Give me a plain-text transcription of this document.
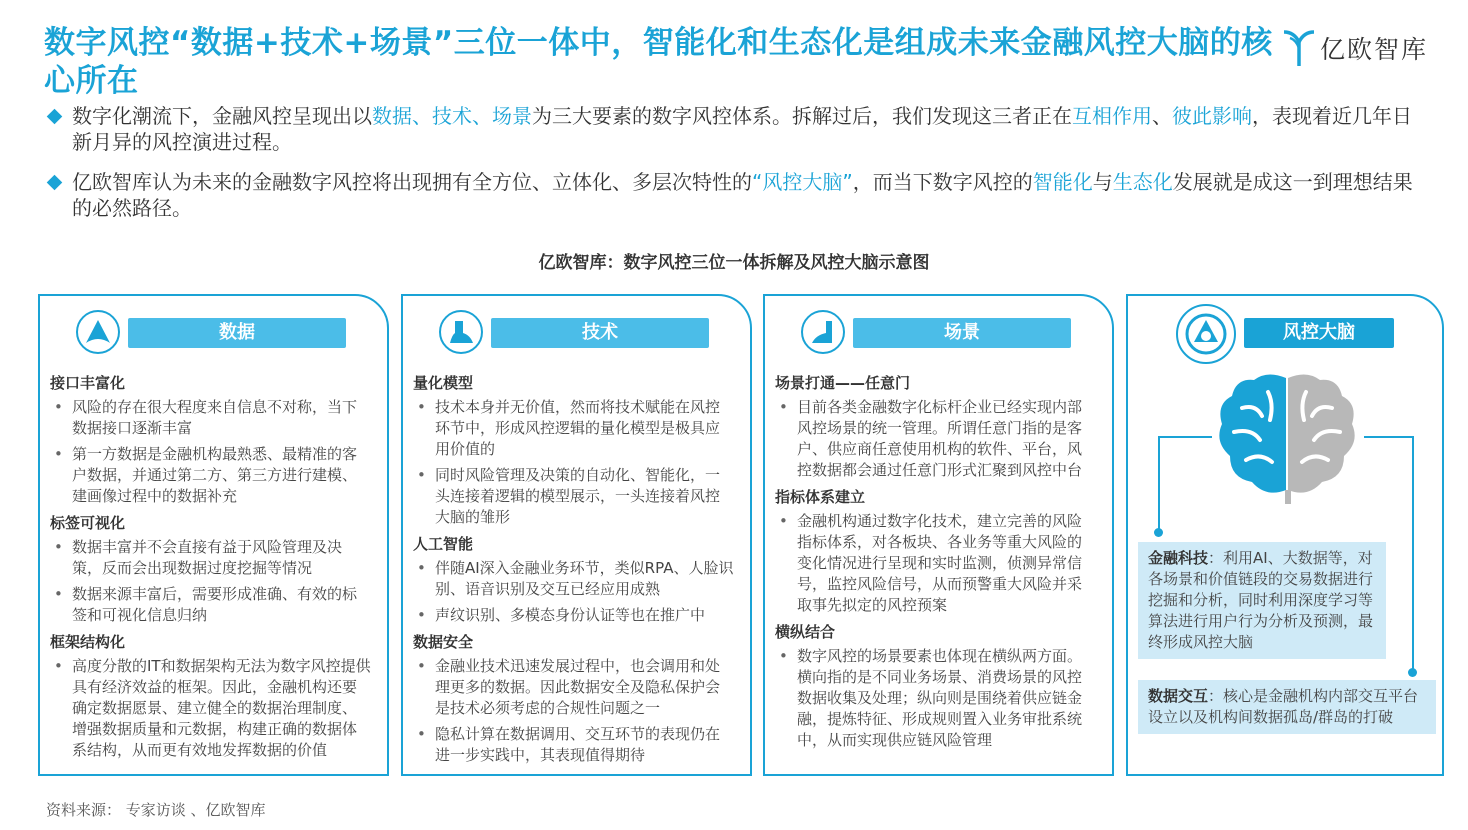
数字风控“数据+技术+场景”三位一体中，智能化和生态化是组成未来金融风控大脑的核心所在
亿欧智库
数字化潮流下，金融风控呈现出以数据、技术、场景为三大要素的数字风控体系。拆解过后，我们发现这三者正在互相作用、彼此影响，表现着近几年日新月异的风控演进过程。
亿欧智库认为未来的金融数字风控将出现拥有全方位、立体化、多层次特性的“风控大脑”，而当下数字风控的智能化与生态化发展就是成这一到理想结果的必然路径。
亿欧智库：数字风控三位一体拆解及风控大脑示意图
数据
接口丰富化
• 风险的存在很大程度来自信息不对称，当下数据接口逐渐丰富
• 第一方数据是金融机构最熟悉、最精准的客户数据，并通过第二方、第三方进行建模、建画像过程中的数据补充
标签可视化
• 数据丰富并不会直接有益于风险管理及决策，反而会出现数据过度挖掘等情况
• 数据来源丰富后，需要形成准确、有效的标签和可视化信息归纳
框架结构化
• 高度分散的IT和数据架构无法为数字风控提供具有经济效益的框架。因此，金融机构还要确定数据愿景、建立健全的数据治理制度、增强数据质量和元数据，构建正确的数据体系结构，从而更有效地发挥数据的价值
技术
量化模型
• 技术本身并无价值，然而将技术赋能在风控环节中，形成风控逻辑的量化模型是极具应用价值的
• 同时风险管理及决策的自动化、智能化，一头连接着逻辑的模型展示，一头连接着风控大脑的雏形
人工智能
• 伴随AI深入金融业务环节，类似RPA、人脸识别、语音识别及交互已经应用成熟
• 声纹识别、多模态身份认证等也在推广中
数据安全
• 金融业技术迅速发展过程中，也会调用和处理更多的数据。因此数据安全及隐私保护会是技术必须考虑的合规性问题之一
• 隐私计算在数据调用、交互环节的表现仍在进一步实践中，其表现值得期待
场景
场景打通——任意门
• 目前各类金融数字化标杆企业已经实现内部风控场景的统一管理。所谓任意门指的是客户、供应商任意使用机构的软件、平台，风控数据都会通过任意门形式汇聚到风控中台
指标体系建立
• 金融机构通过数字化技术，建立完善的风险指标体系，对各板块、各业务等重大风险的变化情况进行呈现和实时监测，侦测异常信号，监控风险信号，从而预警重大风险并采取事先拟定的风控预案
横纵结合
• 数字风控的场景要素也体现在横纵两方面。横向指的是不同业务场景、消费场景的风控数据收集及处理；纵向则是围绕着供应链金融，提炼特征、形成规则置入业务审批系统中，从而实现供应链风险管理
风控大脑
金融科技：利用AI、大数据等，对各场景和价值链段的交易数据进行挖掘和分析，同时利用深度学习等算法进行用户行为分析及预测，最终形成风控大脑
数据交互：核心是金融机构内部交互平台设立以及机构间数据孤岛/群岛的打破
资料来源： 专家访谈 、亿欧智库
